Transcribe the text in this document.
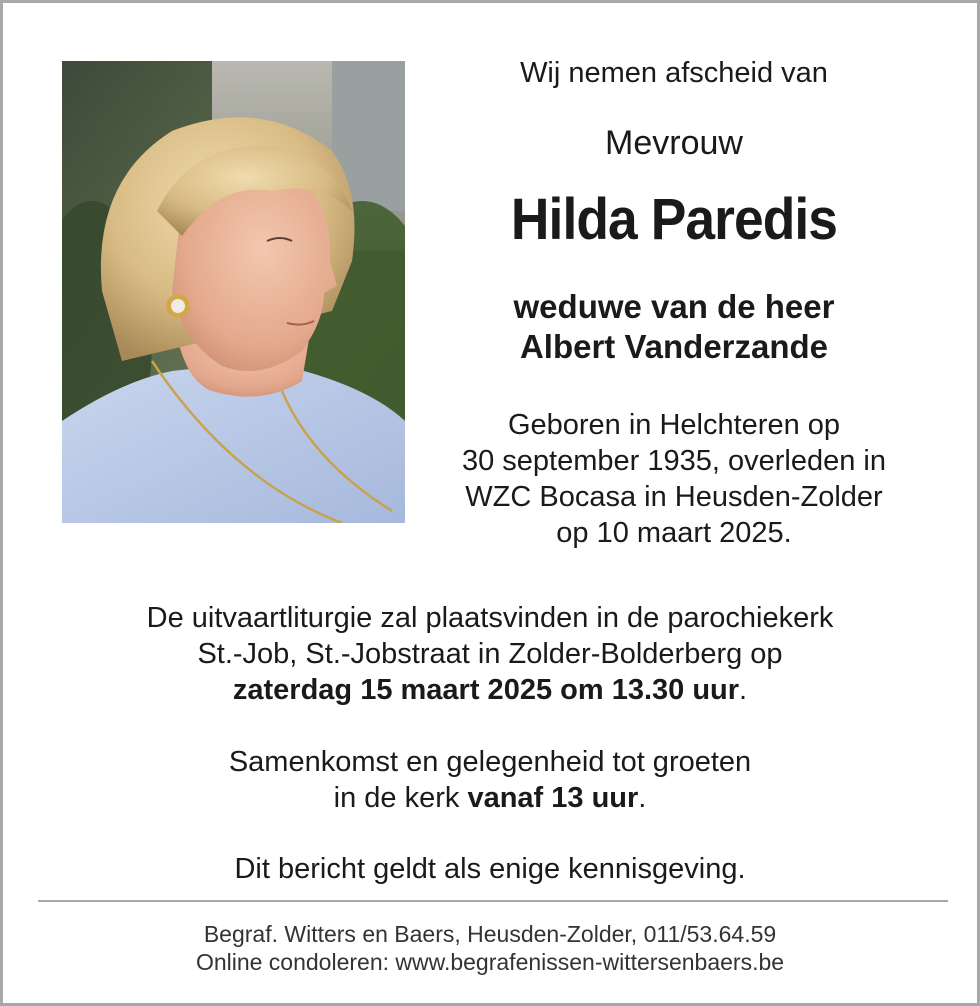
Wij nemen afscheid van

Mevrouw

Hilda Paredis

weduwe van de heer
Albert Vanderzande
Geboren in Helchteren op
30 september 1935, overleden in
WZC Bocasa in Heusden-Zolder
op 10 maart 2025.
De uitvaartliturgie zal plaatsvinden in de parochiekerk
St.-Job, St.-Jobstraat in Zolder-Bolderberg op
zaterdag 15 maart 2025 om 13.30 uur.
Samenkomst en gelegenheid tot groeten
in de kerk vanaf 13 uur.
Dit bericht geldt als enige kennisgeving.
Begraf. Witters en Baers, Heusden-Zolder, 011/53.64.59
Online condoleren: www.begrafenissen-wittersenbaers.be
